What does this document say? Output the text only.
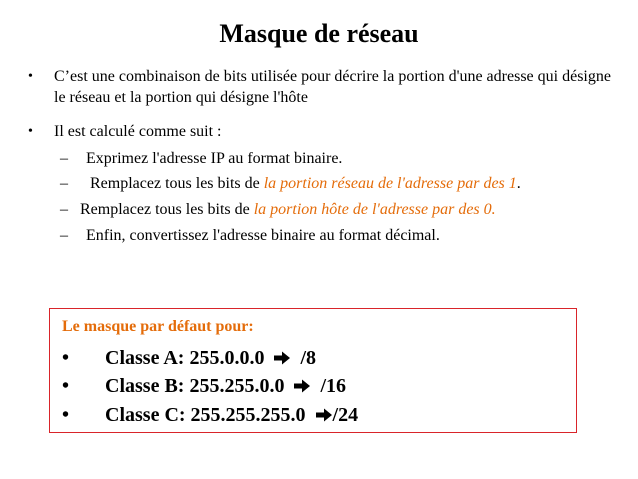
Masque de réseau
• C’est une combinaison de bits utilisée pour décrire la portion d'une adresse qui désigne le réseau et la portion qui désigne l'hôte
• Il est calculé comme suit :
– Exprimez l'adresse IP au format binaire.
– Remplacez tous les bits de la portion réseau de l'adresse par des 1.
– Remplacez tous les bits de la portion hôte de l'adresse par des 0.
– Enfin, convertissez l'adresse binaire au format décimal.
Le masque par défaut pour:
• Classe A: 255.0.0.0 /8
• Classe B: 255.255.0.0 /16
• Classe C: 255.255.255.0 /24
